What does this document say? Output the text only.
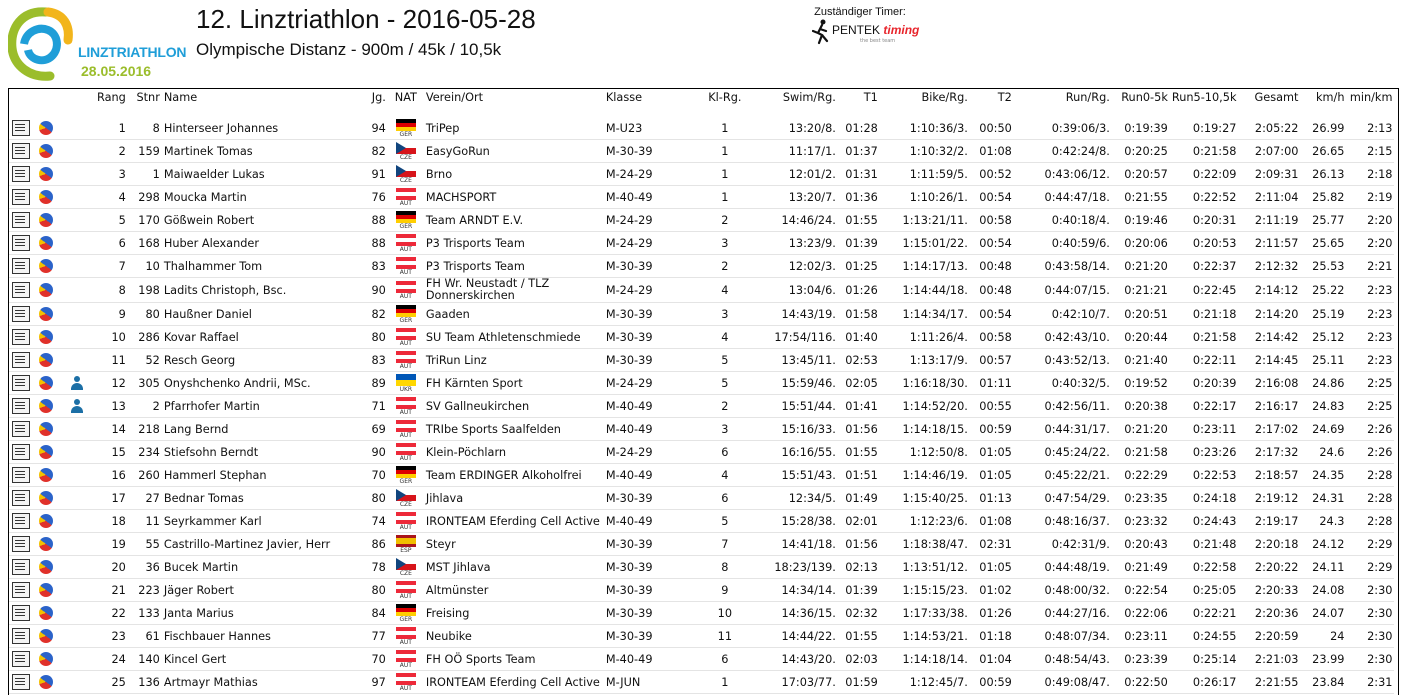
LINZTRIATHLON
28.05.2016
12. Linztriathlon - 2016-05-28
Olympische Distanz - 900m / 45k / 10,5k
Zuständiger Timer:
PENTEK timing
the best team
			Rang	Stnr	Name	Jg.	NAT	Verein/Ort	Klasse	Kl-Rg.	Swim/Rg.	T1	Bike/Rg.	T2	Run/Rg.	Run0-5k	Run5-10,5k	Gesamt	km/h	min/km

			1	8	Hinterseer Johannes	94	GER	TriPep	M-U23	1	13:20/8.	01:28	1:10:36/3.	00:50	0:39:06/3.	0:19:39	0:19:27	2:05:22	26.99	2:13
			2	159	Martinek Tomas	82	CZE	EasyGoRun	M-30-39	1	11:17/1.	01:37	1:10:32/2.	01:08	0:42:24/8.	0:20:25	0:21:58	2:07:00	26.65	2:15
			3	1	Maiwaelder Lukas	91	CZE	Brno	M-24-29	1	12:01/2.	01:31	1:11:59/5.	00:52	0:43:06/12.	0:20:57	0:22:09	2:09:31	26.13	2:18
			4	298	Moucka Martin	76	AUT	MACHSPORT	M-40-49	1	13:20/7.	01:36	1:10:26/1.	00:54	0:44:47/18.	0:21:55	0:22:52	2:11:04	25.82	2:19
			5	170	Gößwein Robert	88	GER	Team ARNDT E.V.	M-24-29	2	14:46/24.	01:55	1:13:21/11.	00:58	0:40:18/4.	0:19:46	0:20:31	2:11:19	25.77	2:20
			6	168	Huber Alexander	88	AUT	P3 Trisports Team	M-24-29	3	13:23/9.	01:39	1:15:01/22.	00:54	0:40:59/6.	0:20:06	0:20:53	2:11:57	25.65	2:20
			7	10	Thalhammer Tom	83	AUT	P3 Trisports Team	M-30-39	2	12:02/3.	01:25	1:14:17/13.	00:48	0:43:58/14.	0:21:20	0:22:37	2:12:32	25.53	2:21
			8	198	Ladits Christoph, Bsc.	90	AUT	FH Wr. Neustadt / TLZ Donnerskirchen	M-24-29	4	13:04/6.	01:26	1:14:44/18.	00:48	0:44:07/15.	0:21:21	0:22:45	2:14:12	25.22	2:23
			9	80	Haußner Daniel	82	GER	Gaaden	M-30-39	3	14:43/19.	01:58	1:14:34/17.	00:54	0:42:10/7.	0:20:51	0:21:18	2:14:20	25.19	2:23
			10	286	Kovar Raffael	80	AUT	SU Team Athletenschmiede	M-30-39	4	17:54/116.	01:40	1:11:26/4.	00:58	0:42:43/10.	0:20:44	0:21:58	2:14:42	25.12	2:23
			11	52	Resch Georg	83	AUT	TriRun Linz	M-30-39	5	13:45/11.	02:53	1:13:17/9.	00:57	0:43:52/13.	0:21:40	0:22:11	2:14:45	25.11	2:23
			12	305	Onyshchenko Andrii, MSc.	89	UKR	FH Kärnten Sport	M-24-29	5	15:59/46.	02:05	1:16:18/30.	01:11	0:40:32/5.	0:19:52	0:20:39	2:16:08	24.86	2:25
			13	2	Pfarrhofer Martin	71	AUT	SV Gallneukirchen	M-40-49	2	15:51/44.	01:41	1:14:52/20.	00:55	0:42:56/11.	0:20:38	0:22:17	2:16:17	24.83	2:25
			14	218	Lang Bernd	69	AUT	TRIbe Sports Saalfelden	M-40-49	3	15:16/33.	01:56	1:14:18/15.	00:59	0:44:31/17.	0:21:20	0:23:11	2:17:02	24.69	2:26
			15	234	Stiefsohn Berndt	90	AUT	Klein-Pöchlarn	M-24-29	6	16:16/55.	01:55	1:12:50/8.	01:05	0:45:24/22.	0:21:58	0:23:26	2:17:32	24.6	2:26
			16	260	Hammerl Stephan	70	GER	Team ERDINGER Alkoholfrei	M-40-49	4	15:51/43.	01:51	1:14:46/19.	01:05	0:45:22/21.	0:22:29	0:22:53	2:18:57	24.35	2:28
			17	27	Bednar Tomas	80	CZE	Jihlava	M-30-39	6	12:34/5.	01:49	1:15:40/25.	01:13	0:47:54/29.	0:23:35	0:24:18	2:19:12	24.31	2:28
			18	11	Seyrkammer Karl	74	AUT	IRONTEAM Eferding Cell Active	M-40-49	5	15:28/38.	02:01	1:12:23/6.	01:08	0:48:16/37.	0:23:32	0:24:43	2:19:17	24.3	2:28
			19	55	Castrillo-Martinez Javier, Herr	86	ESP	Steyr	M-30-39	7	14:41/18.	01:56	1:18:38/47.	02:31	0:42:31/9.	0:20:43	0:21:48	2:20:18	24.12	2:29
			20	36	Bucek Martin	78	CZE	MST Jihlava	M-30-39	8	18:23/139.	02:13	1:13:51/12.	01:05	0:44:48/19.	0:21:49	0:22:58	2:20:22	24.11	2:29
			21	223	Jäger Robert	80	AUT	Altmünster	M-30-39	9	14:34/14.	01:39	1:15:15/23.	01:02	0:48:00/32.	0:22:54	0:25:05	2:20:33	24.08	2:30
			22	133	Janta Marius	84	GER	Freising	M-30-39	10	14:36/15.	02:32	1:17:33/38.	01:26	0:44:27/16.	0:22:06	0:22:21	2:20:36	24.07	2:30
			23	61	Fischbauer Hannes	77	AUT	Neubike	M-30-39	11	14:44/22.	01:55	1:14:53/21.	01:18	0:48:07/34.	0:23:11	0:24:55	2:20:59	24	2:30
			24	140	Kincel Gert	70	AUT	FH OÖ Sports Team	M-40-49	6	14:43/20.	02:03	1:14:18/14.	01:04	0:48:54/43.	0:23:39	0:25:14	2:21:03	23.99	2:30
			25	136	Artmayr Mathias	97	AUT	IRONTEAM Eferding Cell Active	M-JUN	1	17:03/77.	01:59	1:12:45/7.	00:59	0:49:08/47.	0:22:50	0:26:17	2:21:55	23.84	2:31
